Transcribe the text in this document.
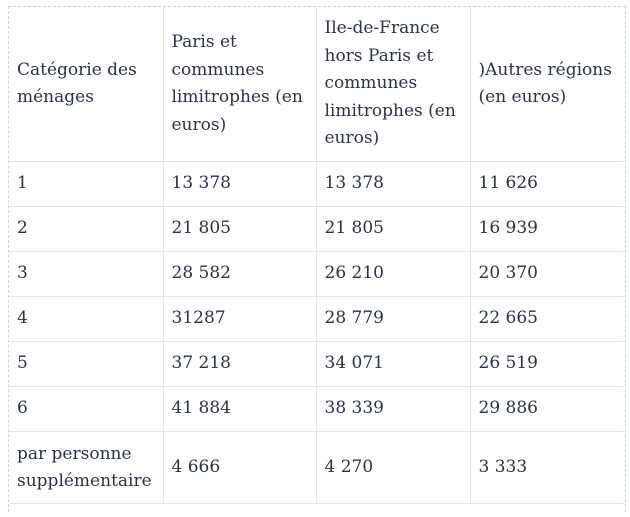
Catégorie des ménages	Paris et communes limitrophes (en euros)	Ile-de-France hors Paris et communes limitrophes (en euros)	)Autres régions (en euros)
1	13 378	13 378	11 626
2	21 805	21 805	16 939
3	28 582	26 210	20 370
4	31287	28 779	22 665
5	37 218	34 071	26 519
6	41 884	38 339	29 886
par personne supplémentaire	4 666	4 270	3 333
